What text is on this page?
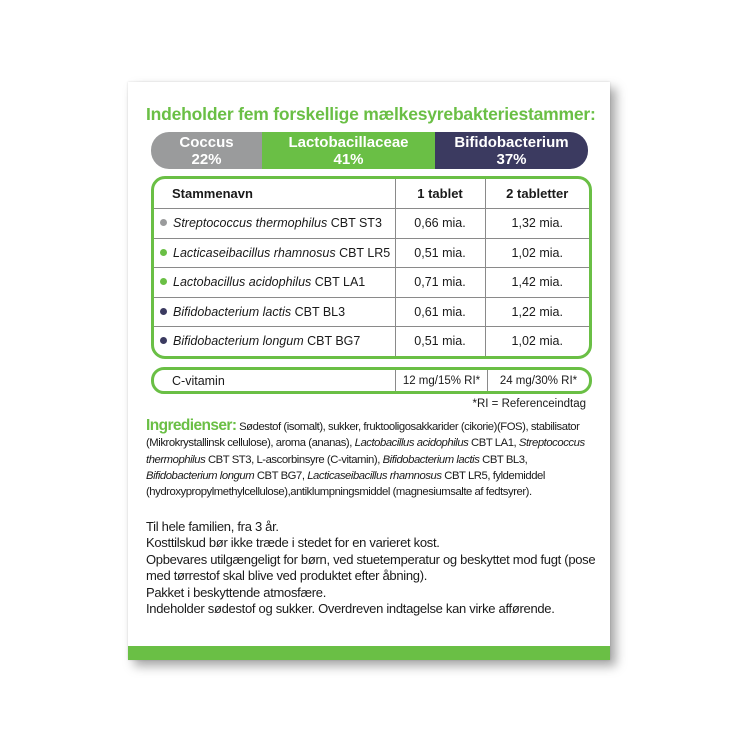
Indeholder fem forskellige mælkesyrebakteriestammer:
Coccus
22%
Lactobacillaceae
41%
Bifidobacterium
37%
Stammenavn	1 tablet	2 tabletter
Streptococcus thermophilus CBT ST3	0,66 mia.	1,32 mia.
Lacticaseibacillus rhamnosus CBT LR5	0,51 mia.	1,02 mia.
Lactobacillus acidophilus CBT LA1	0,71 mia.	1,42 mia.
Bifidobacterium lactis CBT BL3	0,61 mia.	1,22 mia.
Bifidobacterium longum CBT BG7	0,51 mia.	1,02 mia.

C-vitamin	12 mg/15% RI*	24 mg/30% RI*
*RI = Referenceindtag
Ingredienser: Sødestof (isomalt), sukker, fruktooligosakkarider (cikorie)(FOS), stabilisator (Mikrokrystallinsk cellulose), aroma (ananas), Lactobacillus acidophilus CBT LA1, Streptococcus thermophilus CBT ST3, L-ascorbinsyre (C-vitamin), Bifidobacterium lactis CBT BL3, Bifidobacterium longum CBT BG7, Lacticaseibacillus rhamnosus CBT LR5, fyldemiddel (hydroxypropylmethylcellulose),antiklumpningsmiddel (magnesiumsalte af fedtsyrer).
Til hele familien, fra 3 år.
Kosttilskud bør ikke træde i stedet for en varieret kost.
Opbevares utilgængeligt for børn, ved stuetemperatur og beskyttet mod fugt (pose med tørrestof skal blive ved produktet efter åbning).
Pakket i beskyttende atmosfære.
Indeholder sødestof og sukker. Overdreven indtagelse kan virke afførende.
